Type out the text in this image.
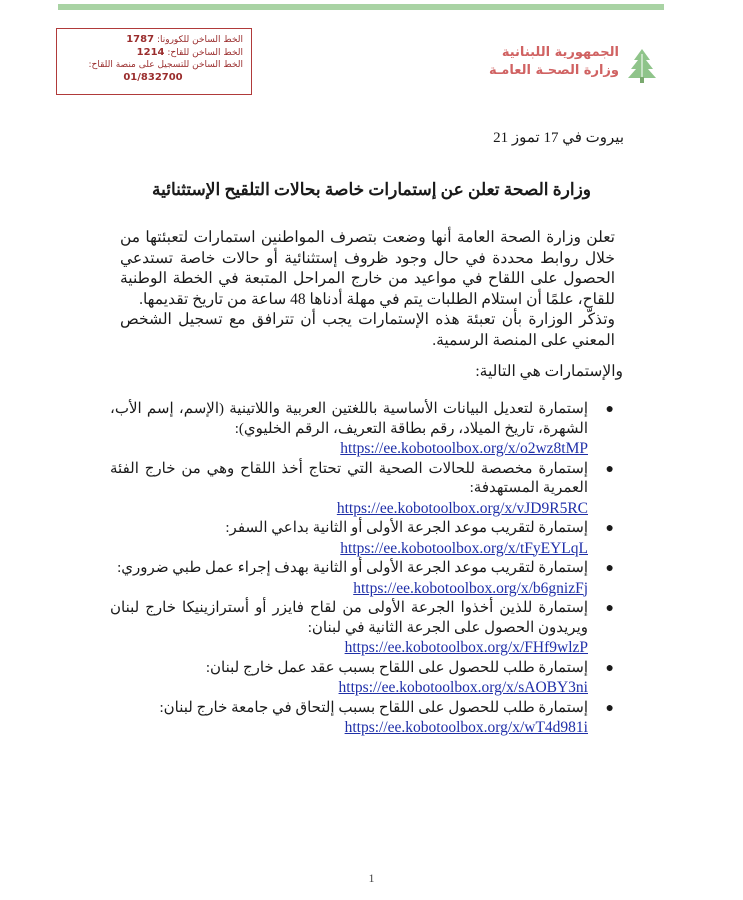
الخط الساخن للكورونا: 1787
الخط الساخن للقاح: 1214
الخط الساخن للتسجيل على منصة اللقاح:
01/832700
الجمهورية اللبنانية
وزارة الصحـة العامـة
بيروت في 17 تموز 21
وزارة الصحة تعلن عن إستمارات خاصة بحالات التلقيح الإستثنائية

تعلن وزارة الصحة العامة أنها وضعت بتصرف المواطنين استمارات لتعبئتها من خلال روابط محددة في حال وجود ظروف إستثنائية أو حالات خاصة تستدعي الحصول على اللقاح في مواعيد من خارج المراحل المتبعة في الخطة الوطنية للقاح، علمًا أن استلام الطلبات يتم في مهلة أدناها 48 ساعة من تاريخ تقديمها.

وتذكّر الوزارة بأن تعبئة هذه الإستمارات يجب أن تترافق مع تسجيل الشخص المعني على المنصة الرسمية.

والإستمارات هي التالية:
●
إستمارة لتعديل البيانات الأساسية باللغتين العربية واللاتينية (الإسم، إسم الأب، الشهرة، تاريخ الميلاد، رقم بطاقة التعريف، الرقم الخليوي):
https://ee.kobotoolbox.org/x/o2wz8tMP
●
إستمارة مخصصة للحالات الصحية التي تحتاج أخذ اللقاح وهي من خارج الفئة العمرية المستهدفة:
https://ee.kobotoolbox.org/x/vJD9R5RC
●
إستمارة لتقريب موعد الجرعة الأولى أو الثانية بداعي السفر:
https://ee.kobotoolbox.org/x/tFyEYLqL
●
إستمارة لتقريب موعد الجرعة الأولى أو الثانية بهدف إجراء عمل طبي ضروري:
https://ee.kobotoolbox.org/x/b6gnizFj
●
إستمارة للذين أخذوا الجرعة الأولى من لقاح فايزر أو أسترازينيكا خارج لبنان ويريدون الحصول على الجرعة الثانية في لبنان:
https://ee.kobotoolbox.org/x/FHf9wlzP
●
إستمارة طلب للحصول على اللقاح بسبب عقد عمل خارج لبنان:
https://ee.kobotoolbox.org/x/sAOBY3ni
●
إستمارة طلب للحصول على اللقاح بسبب إلتحاق في جامعة خارج لبنان:
https://ee.kobotoolbox.org/x/wT4d981i
1
